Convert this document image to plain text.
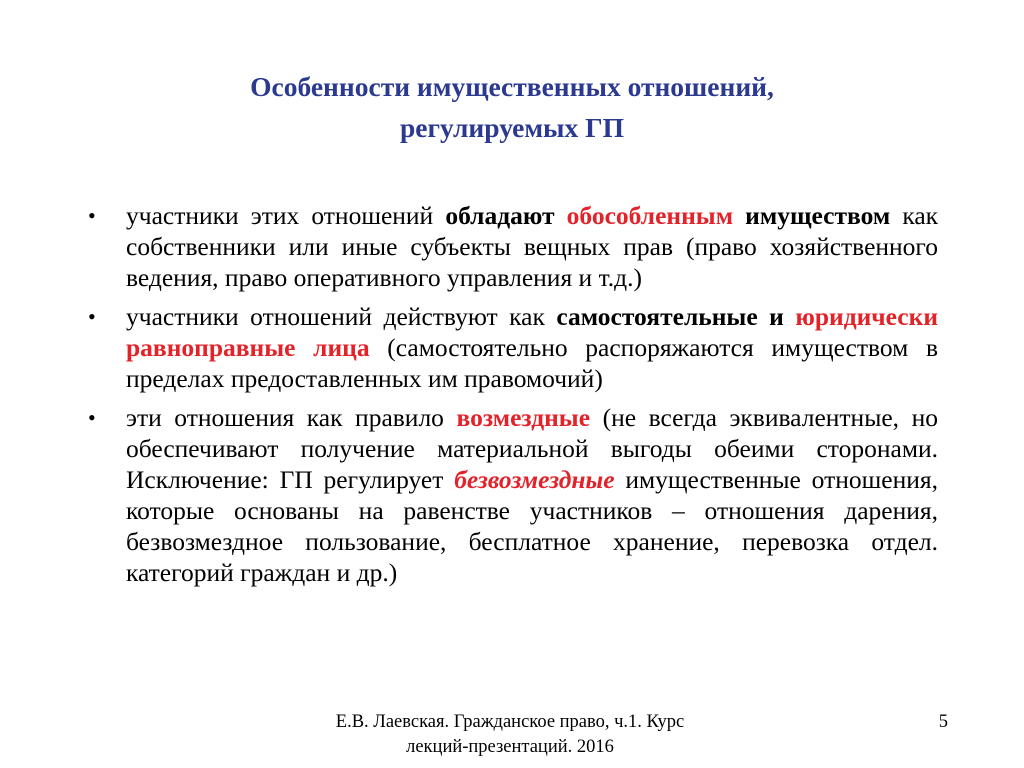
Особенности имущественных отношений,
регулируемых ГП
• участники этих отношений обладают обособленным имуществом как собственники или иные субъекты вещных прав (право хозяйственного ведения, право оперативного управления и т.д.)
• участники отношений действуют как самостоятельные и юридически равноправные лица (самостоятельно распоряжаются имуществом в пределах предоставленных им правомочий)
• эти отношения как правило возмездные (не всегда эквивалентные, но обеспечивают получение материальной выгоды обеими сторонами. Исключение: ГП регулирует безвозмездные имущественные отношения, которые основаны на равенстве участников – отношения дарения, безвозмездное пользование, бесплатное хранение, перевозка отдел. категорий граждан и др.)
Е.В. Лаевская. Гражданское право, ч.1. Курс
лекций-презентаций. 2016
5
